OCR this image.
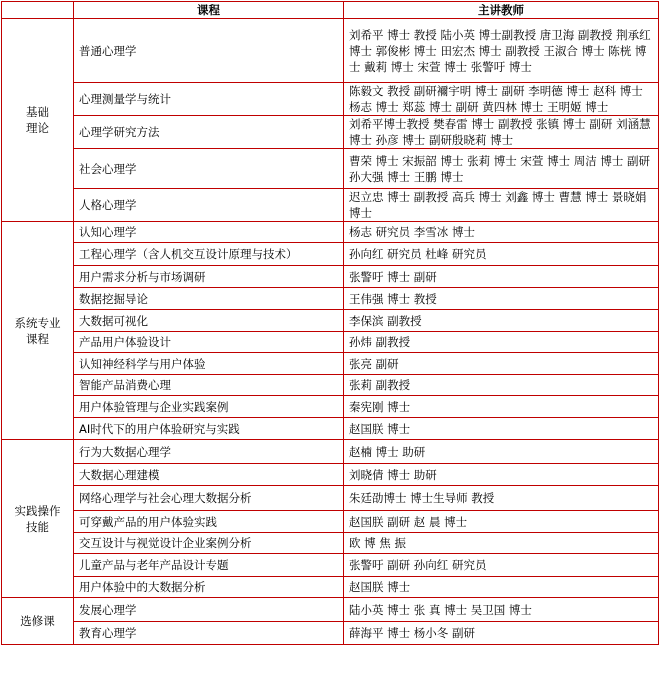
	课程	主讲教师
基础
理论	普通心理学	刘希平 博士 教授 陆小英 博士副教授 唐卫海 副教授 荆承红 博士 郭俊彬 博士 田宏杰 博士 副教授 王淑合 博士 陈桄 博士 戴莉 博士 宋萱 博士 张警吁 博士
	心理测量学与统计	陈毅文 教授 副研襧宇明 博士 副研 李明德 博士 赵科 博士 杨志 博士 郑蕊 博士 副研 黄四林 博士 王明姬 博士
	心理学研究方法	刘希平博士教授 樊春雷 博士 副教授 张镇 博士 副研 刘涵慧 博士 孙彦 博士 副研殷晓莉 博士
	社会心理学	曹荣 博士 宋振韶 博士 张莉 博士 宋萱 博士 周洁 博士 副研孙大强 博士 王鹏 博士
	人格心理学	迟立忠 博士 副教授 高兵 博士 刘鑫 博士 曹慧 博士 景晓娟 博士
系统专业
课程	认知心理学	杨志 研究员 李雪冰 博士
	工程心理学（含人机交互设计原理与技术）	孙向红 研究员 杜峰 研究员
	用户需求分析与市场调研	张警吁 博士 副研
	数据挖掘导论	王伟强 博士 教授
	大数据可视化	李保滨 副教授
	产品用户体验设计	孙炜 副教授
	认知神经科学与用户体验	张亮 副研
	智能产品消费心理	张莉 副教授
	用户体验管理与企业实践案例	秦宪刚 博士
	AI时代下的用户体验研究与实践	赵国朕 博士
实践操作
技能	行为大数据心理学	赵楠 博士 助研
	大数据心理建模	刘晓倩 博士 助研
	网络心理学与社会心理大数据分析	朱廷劭博士 博士生导师 教授
	可穿戴产品的用户体验实践	赵国朕 副研 赵 晨 博士
	交互设计与视觉设计企业案例分析	欧 博 焦 振
	儿童产品与老年产品设计专题	张警吁 副研 孙向红 研究员
	用户体验中的大数据分析	赵国朕 博士
选修课	发展心理学	陆小英 博士 张 真 博士 吴卫国 博士
	教育心理学	薛海平 博士 杨小冬 副研
